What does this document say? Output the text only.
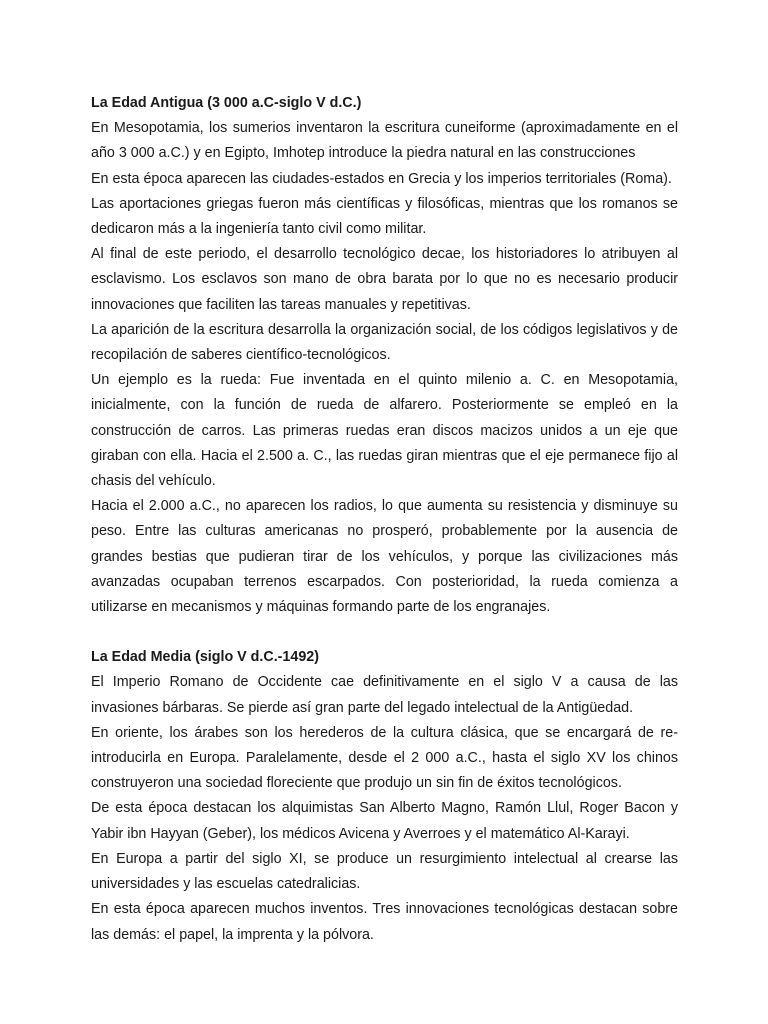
La Edad Antigua (3 000 a.C-siglo V d.C.)

En Mesopotamia, los sumerios inventaron la escritura cuneiforme (aproximadamente en el año 3 000 a.C.) y en Egipto, Imhotep introduce la piedra natural en las construcciones

En esta época aparecen las ciudades-estados en Grecia y los imperios territoriales (Roma).

Las aportaciones griegas fueron más científicas y filosóficas, mientras que los romanos se dedicaron más a la ingeniería tanto civil como militar.

Al final de este periodo, el desarrollo tecnológico decae, los historiadores lo atribuyen al esclavismo. Los esclavos son mano de obra barata por lo que no es necesario producir innovaciones que faciliten las tareas manuales y repetitivas.

La aparición de la escritura desarrolla la organización social, de los códigos legislativos y de recopilación de saberes científico-tecnológicos.

Un ejemplo es la rueda: Fue inventada en el quinto milenio a. C. en Mesopotamia, inicialmente, con la función de rueda de alfarero. Posteriormente se empleó en la construcción de carros. Las primeras ruedas eran discos macizos unidos a un eje que giraban con ella. Hacia el 2.500 a. C., las ruedas giran mientras que el eje permanece fijo al chasis del vehículo.

Hacia el 2.000 a.C., no aparecen los radios, lo que aumenta su resistencia y disminuye su peso. Entre las culturas americanas no prosperó, probablemente por la ausencia de grandes bestias que pudieran tirar de los vehículos, y porque las civilizaciones más avanzadas ocupaban terrenos escarpados. Con posterioridad, la rueda comienza a utilizarse en mecanismos y máquinas formando parte de los engranajes.

La Edad Media (siglo V d.C.-1492)

El Imperio Romano de Occidente cae definitivamente en el siglo V a causa de las invasiones bárbaras. Se pierde así gran parte del legado intelectual de la Antigüedad.

En oriente, los árabes son los herederos de la cultura clásica, que se encargará de re-introducirla en Europa. Paralelamente, desde el 2 000 a.C., hasta el siglo XV los chinos construyeron una sociedad floreciente que produjo un sin fin de éxitos tecnológicos.

De esta época destacan los alquimistas San Alberto Magno, Ramón Llul, Roger Bacon y Yabir ibn Hayyan (Geber), los médicos Avicena y Averroes y el matemático Al-Karayi.

En Europa a partir del siglo XI, se produce un resurgimiento intelectual al crearse las universidades y las escuelas catedralicias.

En esta época aparecen muchos inventos. Tres innovaciones tecnológicas destacan sobre las demás: el papel, la imprenta y la pólvora.
